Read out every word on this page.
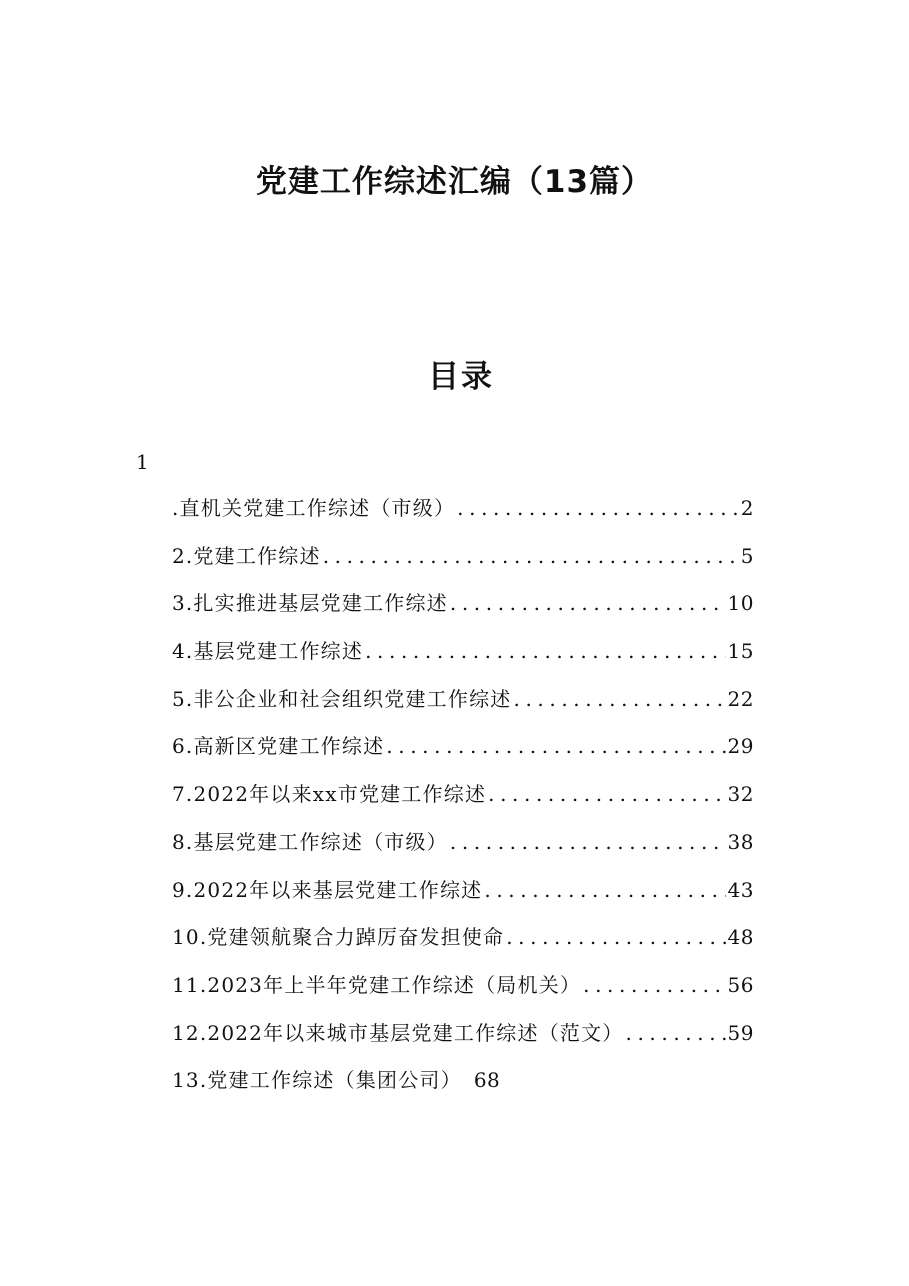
党建工作综述汇编（13篇）
目录
1
.直机关党建工作综述（市级） .....	2
2.党建工作综述 .....	5
3.扎实推进基层党建工作综述 .....	10
4.基层党建工作综述 .....	15
5.非公企业和社会组织党建工作综述 .....	22
6.高新区党建工作综述 .....	29
7.2022年以来xx市党建工作综述 .....	32
8.基层党建工作综述（市级） .....	38
9.2022年以来基层党建工作综述 .....	43
10.党建领航聚合力踔厉奋发担使命 .....	48
11.2023年上半年党建工作综述（局机关） .....	56
12.2022年以来城市基层党建工作综述（范文） .....	59
13.党建工作综述（集团公司） 68
